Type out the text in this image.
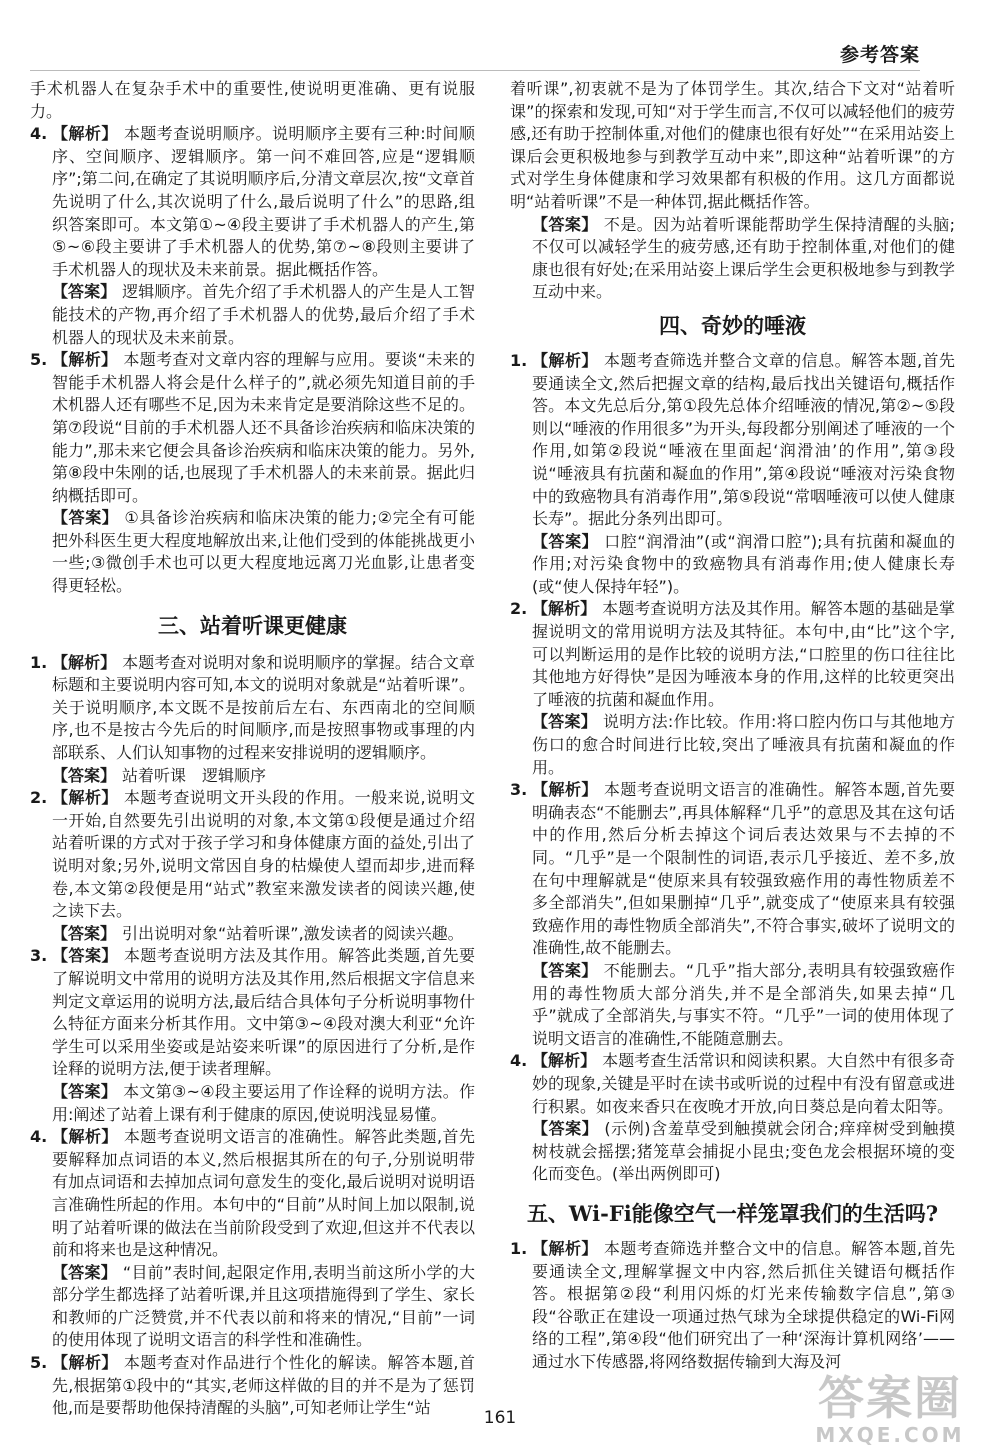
参考答案

手术机器人在复杂手术中的重要性,使说明更准确、更有说服力。

4. 【解析】 本题考查说明顺序。说明顺序主要有三种:时间顺序、空间顺序、逻辑顺序。第一问不难回答,应是“逻辑顺序”;第二问,在确定了其说明顺序后,分清文章层次,按“文章首先说明了什么,其次说明了什么,最后说明了什么”的思路,组织答案即可。本文第①~④段主要讲了手术机器人的产生,第⑤~⑥段主要讲了手术机器人的优势,第⑦~⑧段则主要讲了手术机器人的现状及未来前景。据此概括作答。

【答案】 逻辑顺序。首先介绍了手术机器人的产生是人工智能技术的产物,再介绍了手术机器人的优势,最后介绍了手术机器人的现状及未来前景。

5. 【解析】 本题考查对文章内容的理解与应用。要谈“未来的智能手术机器人将会是什么样子的”,就必须先知道目前的手术机器人还有哪些不足,因为未来肯定是要消除这些不足的。第⑦段说“目前的手术机器人还不具备诊治疾病和临床决策的能力”,那未来它便会具备诊治疾病和临床决策的能力。另外,第⑧段中朱刚的话,也展现了手术机器人的未来前景。据此归纳概括即可。

【答案】 ①具备诊治疾病和临床决策的能力;②完全有可能把外科医生更大程度地解放出来,让他们受到的体能挑战更小一些;③微创手术也可以更大程度地远离刀光血影,让患者变得更轻松。

三、站着听课更健康

1. 【解析】 本题考查对说明对象和说明顺序的掌握。结合文章标题和主要说明内容可知,本文的说明对象就是“站着听课”。关于说明顺序,本文既不是按前后左右、东西南北的空间顺序,也不是按古今先后的时间顺序,而是按照事物或事理的内部联系、人们认知事物的过程来安排说明的逻辑顺序。

【答案】 站着听课　逻辑顺序

2. 【解析】 本题考查说明文开头段的作用。一般来说,说明文一开始,自然要先引出说明的对象,本文第①段便是通过介绍站着听课的方式对于孩子学习和身体健康方面的益处,引出了说明对象;另外,说明文常因自身的枯燥使人望而却步,进而释卷,本文第②段便是用“站式”教室来激发读者的阅读兴趣,使之读下去。

【答案】 引出说明对象“站着听课”,激发读者的阅读兴趣。

3. 【答案】 本题考查说明方法及其作用。解答此类题,首先要了解说明文中常用的说明方法及其作用,然后根据文字信息来判定文章运用的说明方法,最后结合具体句子分析说明事物什么特征方面来分析其作用。文中第③~④段对澳大利亚“允许学生可以采用坐姿或是站姿来听课”的原因进行了分析,是作诠释的说明方法,便于读者理解。

【答案】 本文第③~④段主要运用了作诠释的说明方法。作用:阐述了站着上课有利于健康的原因,使说明浅显易懂。

4. 【解析】 本题考查说明文语言的准确性。解答此类题,首先要解释加点词语的本义,然后根据其所在的句子,分别说明带有加点词语和去掉加点词句意发生的变化,最后说明对说明语言准确性所起的作用。本句中的“目前”从时间上加以限制,说明了站着听课的做法在当前阶段受到了欢迎,但这并不代表以前和将来也是这种情况。

【答案】 “目前”表时间,起限定作用,表明当前这所小学的大部分学生都选择了站着听课,并且这项措施得到了学生、家长和教师的广泛赞赏,并不代表以前和将来的情况,“目前”一词的使用体现了说明文语言的科学性和准确性。

5. 【解析】 本题考查对作品进行个性化的解读。解答本题,首先,根据第①段中的“其实,老师这样做的目的并不是为了惩罚他,而是要帮助他保持清醒的头脑”,可知老师让学生“站

着听课”,初衷就不是为了体罚学生。其次,结合下文对“站着听课”的探索和发现,可知“对于学生而言,不仅可以减轻他们的疲劳感,还有助于控制体重,对他们的健康也很有好处”“在采用站姿上课后会更积极地参与到教学互动中来”,即这种“站着听课”的方式对学生身体健康和学习效果都有积极的作用。这几方面都说明“站着听课”不是一种体罚,据此概括作答。

【答案】 不是。因为站着听课能帮助学生保持清醒的头脑;不仅可以减轻学生的疲劳感,还有助于控制体重,对他们的健康也很有好处;在采用站姿上课后学生会更积极地参与到教学互动中来。

四、奇妙的唾液

1. 【解析】 本题考查筛选并整合文章的信息。解答本题,首先要通读全文,然后把握文章的结构,最后找出关键语句,概括作答。本文先总后分,第①段先总体介绍唾液的情况,第②~⑤段则以“唾液的作用很多”为开头,每段都分别阐述了唾液的一个作用,如第②段说“唾液在里面起‘润滑油’的作用”,第③段说“唾液具有抗菌和凝血的作用”,第④段说“唾液对污染食物中的致癌物具有消毒作用”,第⑤段说“常咽唾液可以使人健康长寿”。据此分条列出即可。

【答案】 口腔“润滑油”(或“润滑口腔”);具有抗菌和凝血的作用;对污染食物中的致癌物具有消毒作用;使人健康长寿(或“使人保持年轻”)。

2. 【解析】 本题考查说明方法及其作用。解答本题的基础是掌握说明文的常用说明方法及其特征。本句中,由“比”这个字,可以判断运用的是作比较的说明方法,“口腔里的伤口往往比其他地方好得快”是因为唾液本身的作用,这样的比较更突出了唾液的抗菌和凝血作用。

【答案】 说明方法:作比较。作用:将口腔内伤口与其他地方伤口的愈合时间进行比较,突出了唾液具有抗菌和凝血的作用。

3. 【解析】 本题考查说明文语言的准确性。解答本题,首先要明确表态“不能删去”,再具体解释“几乎”的意思及其在这句话中的作用,然后分析去掉这个词后表达效果与不去掉的不同。“几乎”是一个限制性的词语,表示几乎接近、差不多,放在句中理解就是“使原来具有较强致癌作用的毒性物质差不多全部消失”,但如果删掉“几乎”,就变成了“使原来具有较强致癌作用的毒性物质全部消失”,不符合事实,破坏了说明文的准确性,故不能删去。

【答案】 不能删去。“几乎”指大部分,表明具有较强致癌作用的毒性物质大部分消失,并不是全部消失,如果去掉“几乎”就成了全部消失,与事实不符。“几乎”一词的使用体现了说明文语言的准确性,不能随意删去。

4. 【解析】 本题考查生活常识和阅读积累。大自然中有很多奇妙的现象,关键是平时在读书或听说的过程中有没有留意或进行积累。如夜来香只在夜晚才开放,向日葵总是向着太阳等。

【答案】 (示例)含羞草受到触摸就会闭合;痒痒树受到触摸树枝就会摇摆;猪笼草会捕捉小昆虫;变色龙会根据环境的变化而变色。(举出两例即可)

五、Wi-Fi能像空气一样笼罩我们的生活吗?

1. 【解析】 本题考查筛选并整合文中的信息。解答本题,首先要通读全文,理解掌握文中内容,然后抓住关键语句概括作答。根据第②段“利用闪烁的灯光来传输数字信息”,第③段“谷歌正在建设一项通过热气球为全球提供稳定的Wi-Fi网络的工程”,第④段“他们研究出了一种‘深海计算机网络’——通过水下传感器,将网络数据传输到大海及河

161	答案圈
MXQE.COM
